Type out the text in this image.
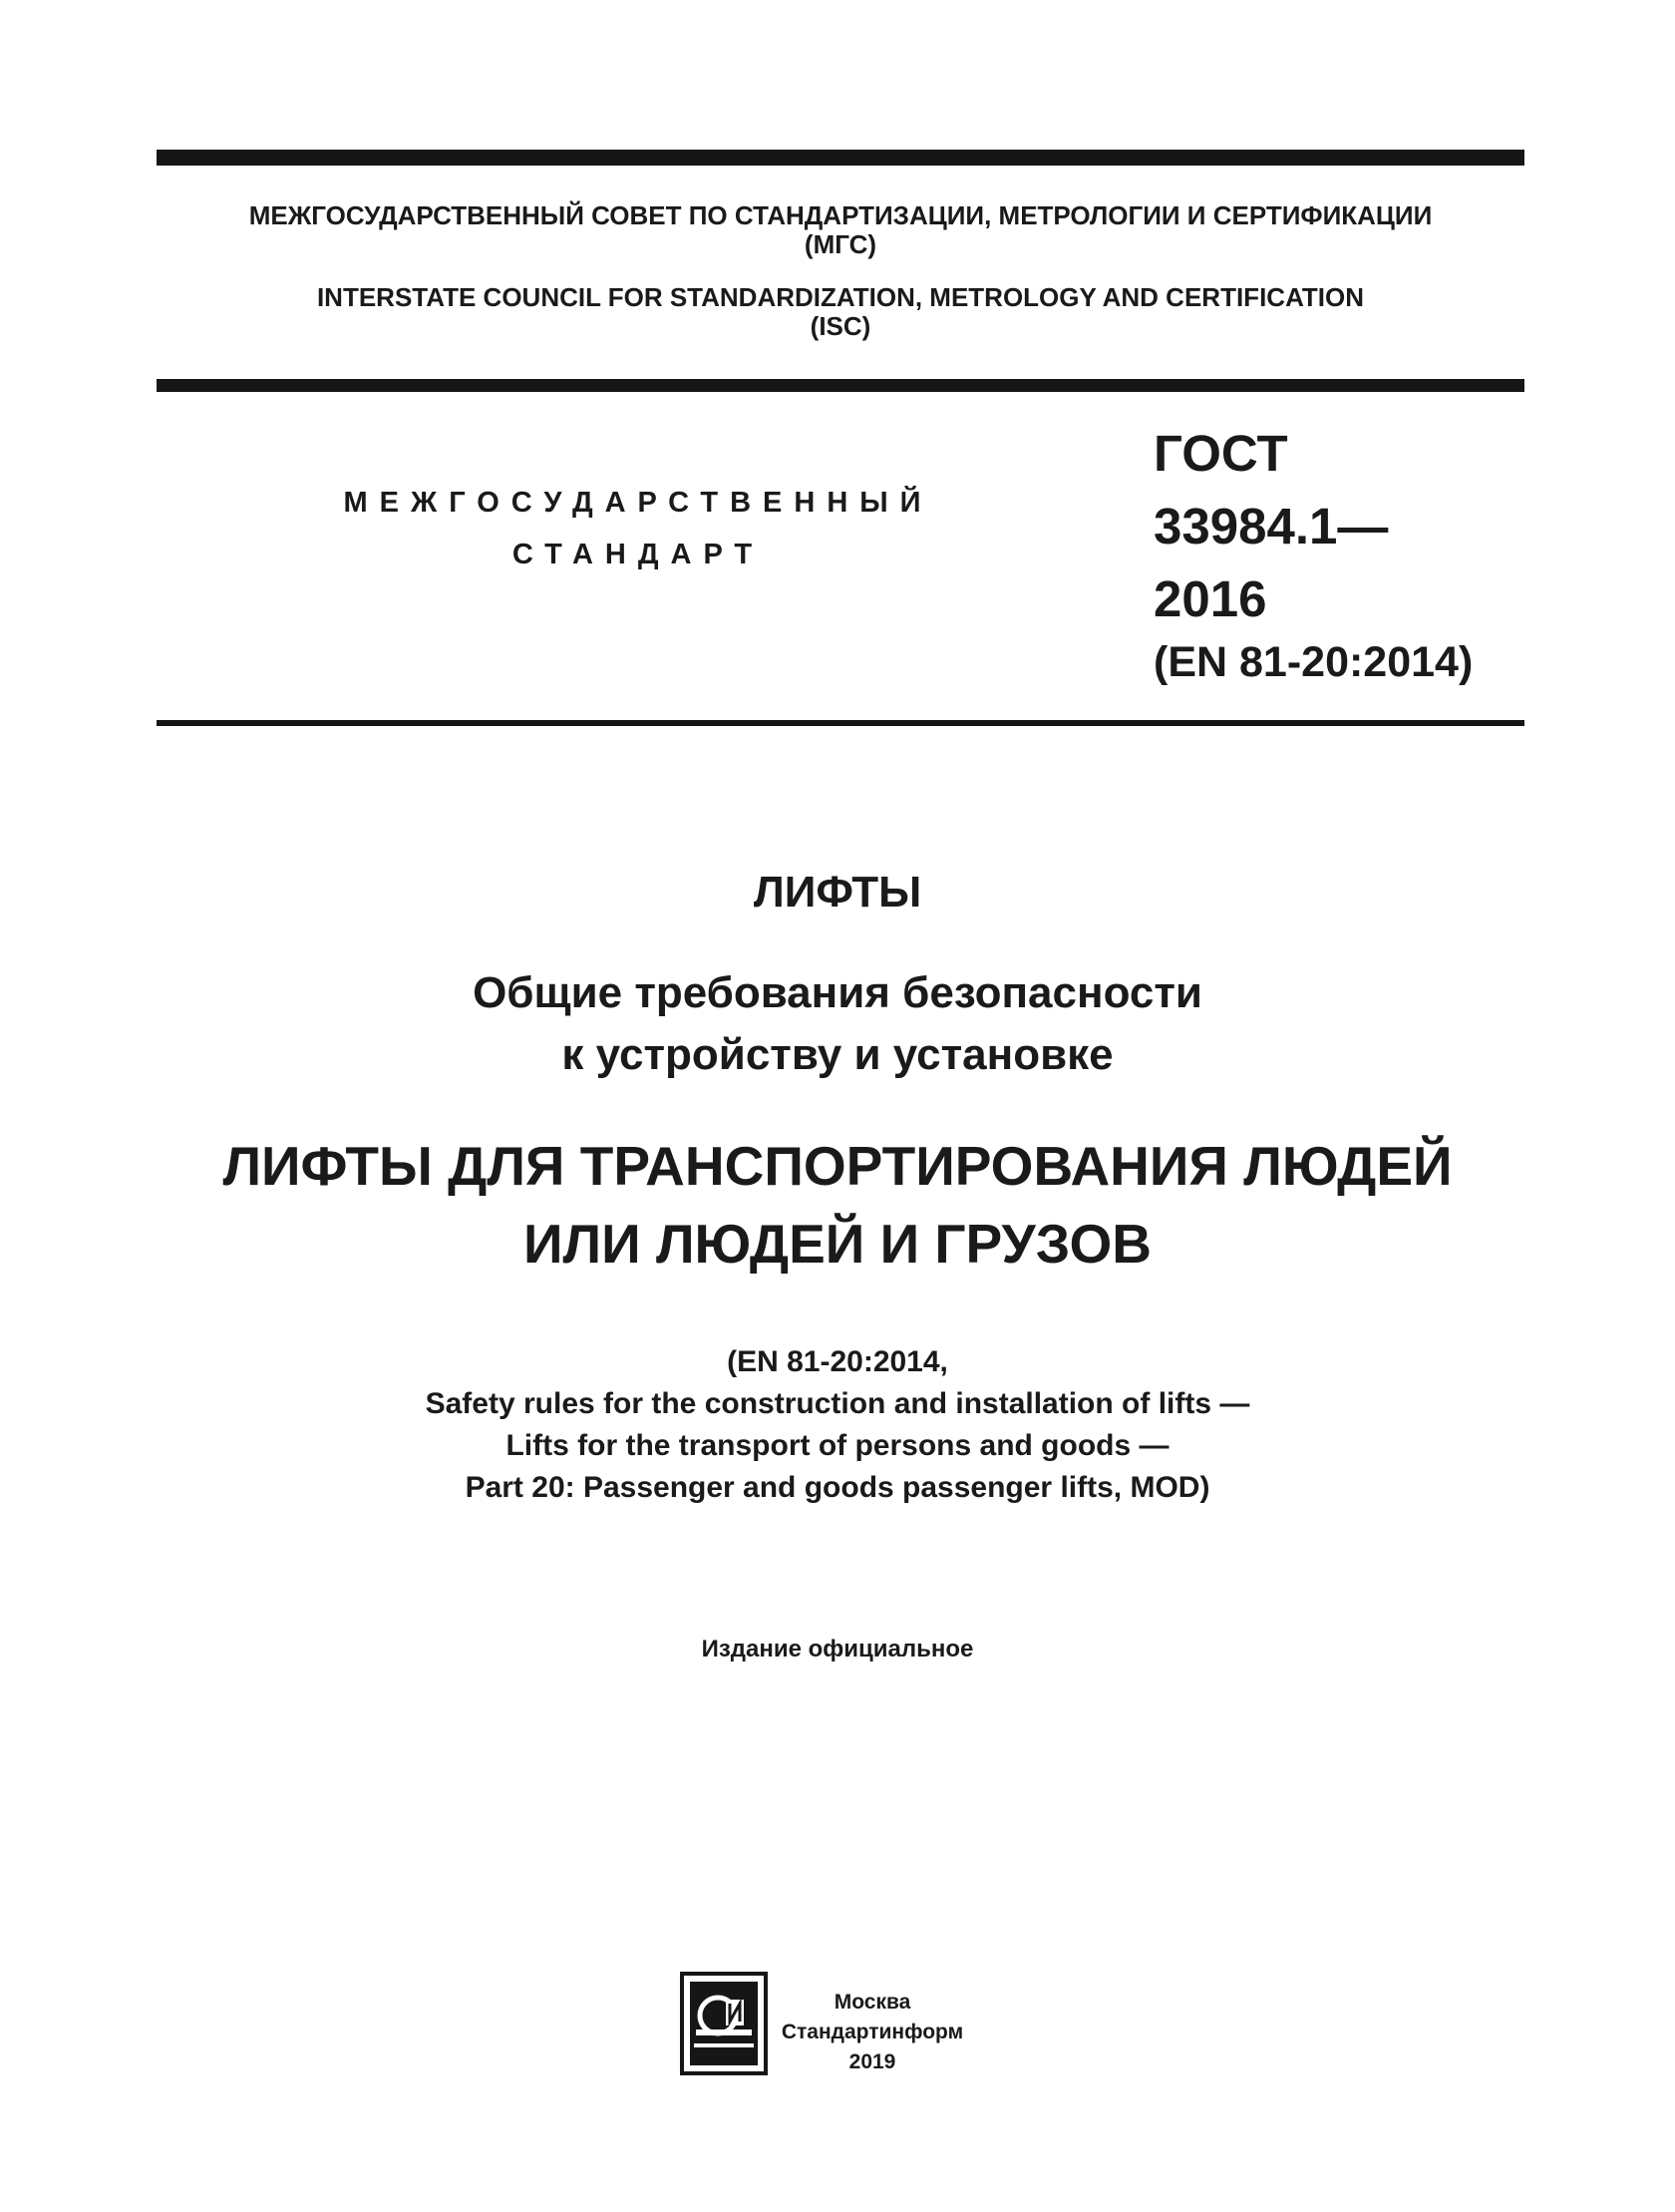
МЕЖГОСУДАРСТВЕННЫЙ СОВЕТ ПО СТАНДАРТИЗАЦИИ, МЕТРОЛОГИИ И СЕРТИФИКАЦИИ
(МГС)
INTERSTATE COUNCIL FOR STANDARDIZATION, METROLOGY AND CERTIFICATION
(ISC)
МЕЖГОСУДАРСТВЕННЫЙ
СТАНДАРТ
ГОСТ
33984.1—
2016
(EN 81-20:2014)
ЛИФТЫ
Общие требования безопасности
к устройству и установке
ЛИФТЫ ДЛЯ ТРАНСПОРТИРОВАНИЯ ЛЮДЕЙ
ИЛИ ЛЮДЕЙ И ГРУЗОВ
(EN 81-20:2014,
Safety rules for the construction and installation of lifts —
Lifts for the transport of persons and goods —
Part 20: Passenger and goods passenger lifts, MOD)
Издание официальное
Москва
Стандартинформ
2019
